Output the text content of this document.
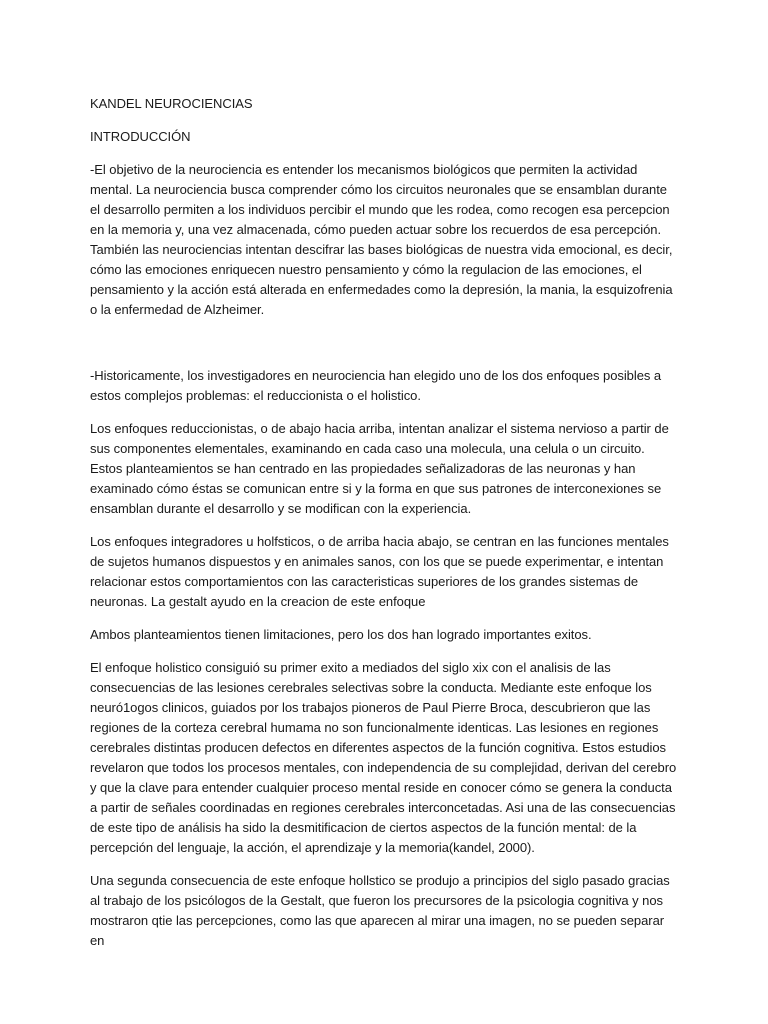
KANDEL NEUROCIENCIAS

INTRODUCCIÓN

-El objetivo de la neurociencia es entender los mecanismos biológicos que permiten la actividad mental. La neurociencia busca comprender cómo los circuitos neuronales que se ensamblan durante el desarrollo permiten a los individuos percibir el mundo que les rodea, como recogen esa percepcion en la memoria y, una vez almacenada, cómo pueden actuar sobre los recuerdos de esa percepción. También las neurociencias intentan descifrar las bases biológicas de nuestra vida emocional, es decir, cómo las emociones enriquecen nuestro pensamiento y cómo la regulacion de las emociones, el pensamiento y la acción está alterada en enfermedades como la depresión, la mania, la esquizofrenia o la enfermedad de Alzheimer.

-Historicamente, los investigadores en neurociencia han elegido uno de los dos enfoques posibles a estos complejos problemas: el reduccionista o el holistico.

Los enfoques reduccionistas, o de abajo hacia arriba, intentan analizar el sistema nervioso a partir de sus componentes elementales, examinando en cada caso una molecula, una celula o un circuito. Estos planteamientos se han centrado en las propiedades señalizadoras de las neuronas y han examinado cómo éstas se comunican entre si y la forma en que sus patrones de interconexiones se ensamblan durante el desarrollo y se modifican con la experiencia.

Los enfoques integradores u holfsticos, o de arriba hacia abajo, se centran en las funciones mentales de sujetos humanos dispuestos y en animales sanos, con los que se puede experimentar, e intentan relacionar estos comportamientos con las caracteristicas superiores de los grandes sistemas de neuronas. La gestalt ayudo en la creacion de este enfoque

Ambos planteamientos tienen limitaciones, pero los dos han logrado importantes exitos.

El enfoque holistico consiguió su primer exito a mediados del siglo xix con el analisis de las consecuencias de las lesiones cerebrales selectivas sobre la conducta. Mediante este enfoque los neuró1ogos clinicos, guiados por los trabajos pioneros de Paul Pierre Broca, descubrieron que las regiones de la corteza cerebral humama no son funcionalmente identicas. Las lesiones en regiones cerebrales distintas producen defectos en diferentes aspectos de la función cognitiva. Estos estudios revelaron que todos los procesos mentales, con independencia de su complejidad, derivan del cerebro y que la clave para entender cualquier proceso mental reside en conocer cómo se genera la conducta a partir de señales coordinadas en regiones cerebrales interconcetadas. Asi una de las consecuencias de este tipo de análisis ha sido la desmitificacion de ciertos aspectos de la función mental: de la percepción del lenguaje, la acción, el aprendizaje y la memoria(kandel, 2000).

Una segunda consecuencia de este enfoque hollstico se produjo a principios del siglo pasado gracias al trabajo de los psicólogos de la Gestalt, que fueron los precursores de la psicologia cognitiva y nos mostraron qtie las percepciones, como las que aparecen al mirar una imagen, no se pueden separar en
